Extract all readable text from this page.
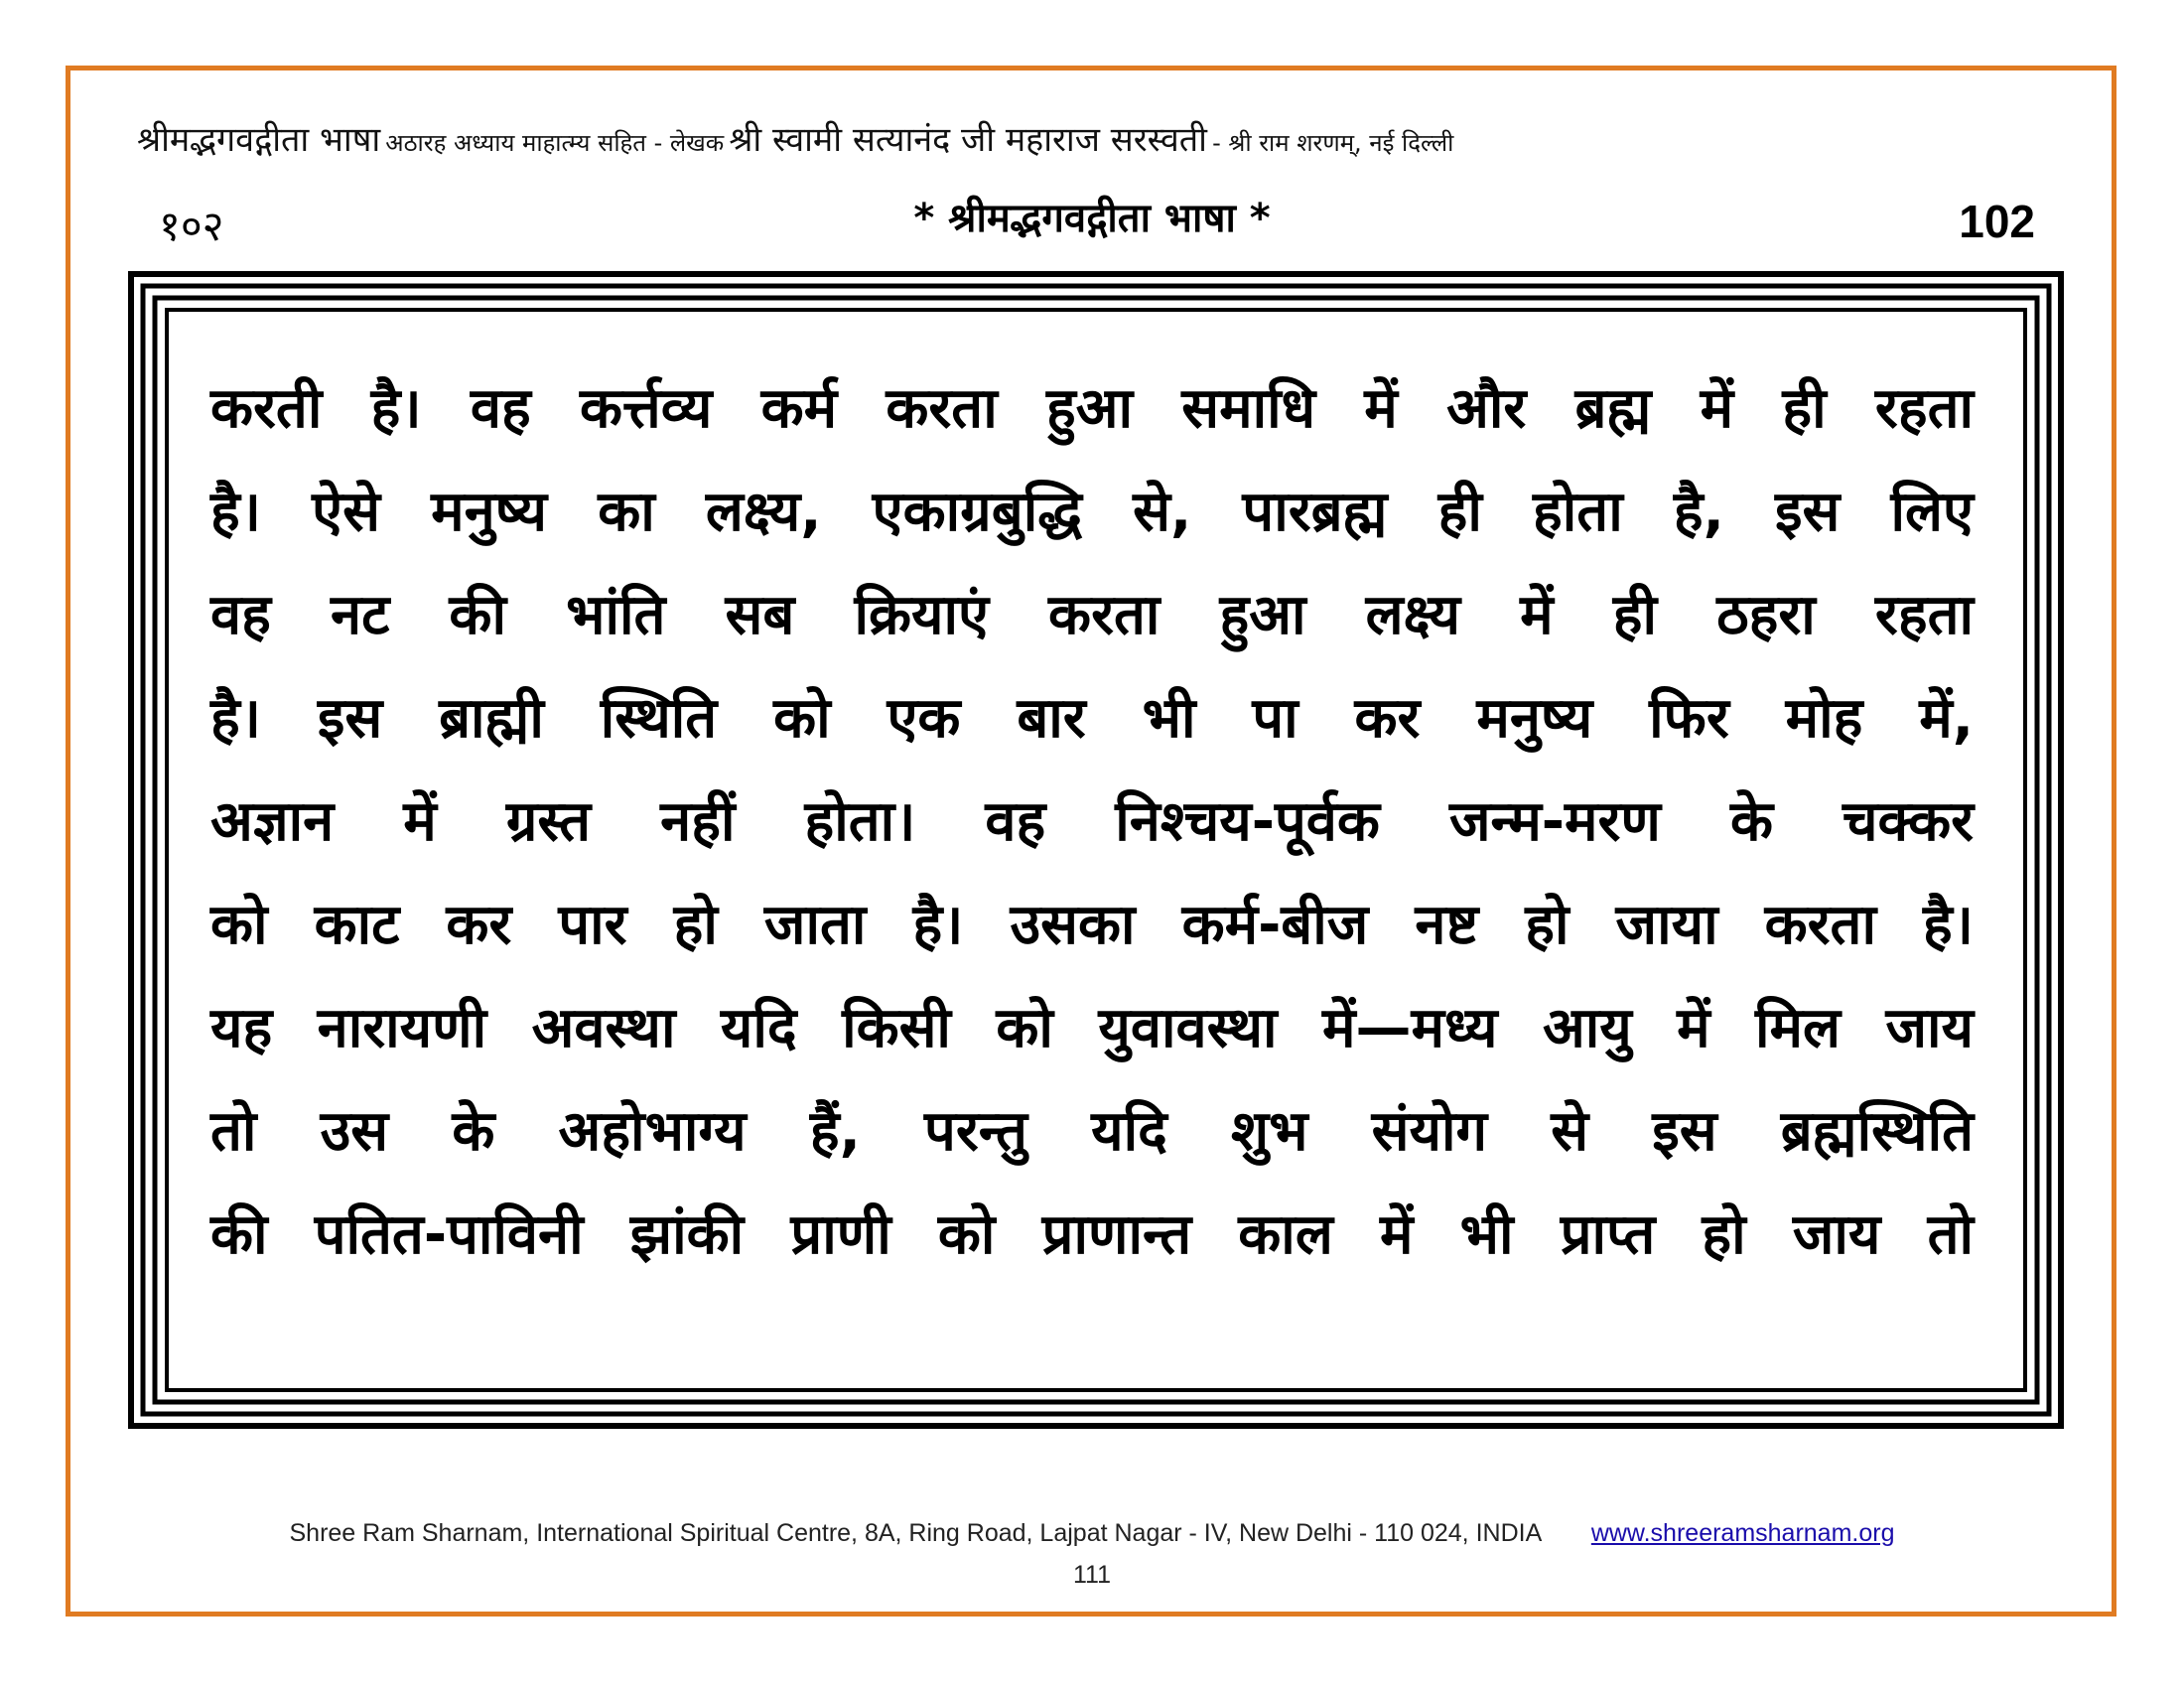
श्रीमद्भगवद्गीता भाषा अठारह अध्याय माहात्म्य सहित - लेखक श्री स्वामी सत्यानंद जी महाराज सरस्वती - श्री राम शरणम्, नई दिल्ली
१०२	* श्रीमद्भगवद्गीता भाषा *	102
करती है। वह कर्त्तव्य कर्म करता हुआ समाधि में और ब्रह्म में ही रहता
है। ऐसे मनुष्य का लक्ष्य, एकाग्रबुद्धि से, पारब्रह्म ही होता है, इस लिए
वह नट की भांति सब क्रियाएं करता हुआ लक्ष्य में ही ठहरा रहता
है। इस ब्राह्मी स्थिति को एक बार भी पा कर मनुष्य फिर मोह में,
अज्ञान में ग्रस्त नहीं होता। वह निश्चय-पूर्वक जन्म-मरण के चक्कर
को काट कर पार हो जाता है। उसका कर्म-बीज नष्ट हो जाया करता है।
यह नारायणी अवस्था यदि किसी को युवावस्था में—मध्य आयु में मिल जाय
तो उस के अहोभाग्य हैं, परन्तु यदि शुभ संयोग से इस ब्रह्मस्थिति
की पतित-पाविनी झांकी प्राणी को प्राणान्त काल में भी प्राप्त हो जाय तो
Shree Ram Sharnam, International Spiritual Centre, 8A, Ring Road, Lajpat Nagar - IV, New Delhi - 110 024, INDIA www.shreeramsharnam.org
111
